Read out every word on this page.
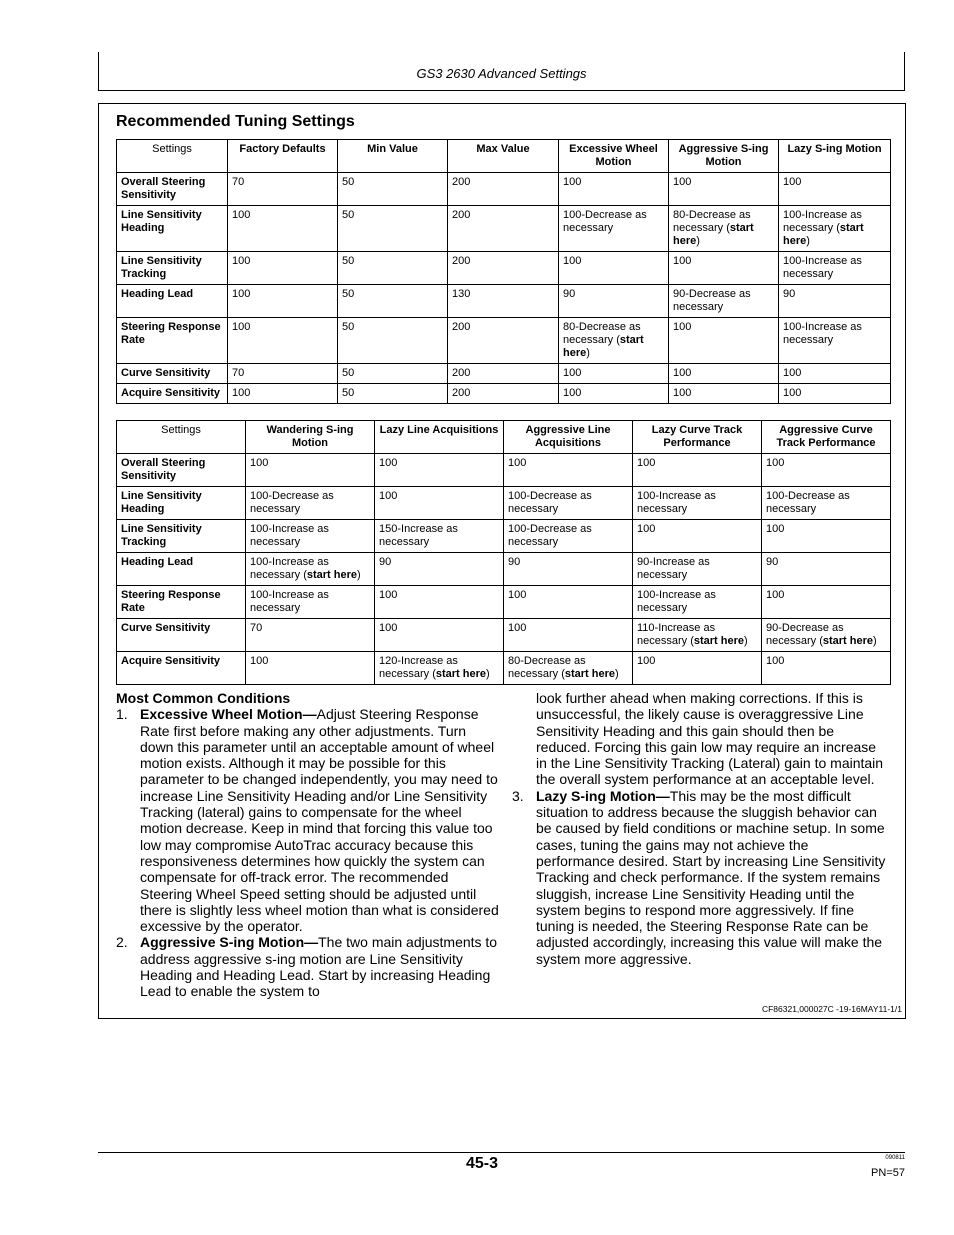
GS3 2630 Advanced Settings
Recommended Tuning Settings
Settings	Factory Defaults	Min Value	Max Value	Excessive Wheel Motion	Aggressive S-ing Motion	Lazy S-ing Motion
Overall Steering Sensitivity	70	50	200	100	100	100
Line Sensitivity Heading	100	50	200	100-Decrease as necessary	80-Decrease as necessary (start here)	100-Increase as necessary (start here)
Line Sensitivity Tracking	100	50	200	100	100	100-Increase as necessary
Heading Lead	100	50	130	90	90-Decrease as necessary	90
Steering Response Rate	100	50	200	80-Decrease as necessary (start here)	100	100-Increase as necessary
Curve Sensitivity	70	50	200	100	100	100
Acquire Sensitivity	100	50	200	100	100	100
Settings	Wandering S-ing Motion	Lazy Line Acquisitions	Aggressive Line Acquisitions	Lazy Curve Track Performance	Aggressive Curve Track Performance
Overall Steering Sensitivity	100	100	100	100	100
Line Sensitivity Heading	100-Decrease as necessary	100	100-Decrease as necessary	100-Increase as necessary	100-Decrease as necessary
Line Sensitivity Tracking	100-Increase as necessary	150-Increase as necessary	100-Decrease as necessary	100	100
Heading Lead	100-Increase as necessary (start here)	90	90	90-Increase as necessary	90
Steering Response Rate	100-Increase as necessary	100	100	100-Increase as necessary	100
Curve Sensitivity	70	100	100	110-Increase as necessary (start here)	90-Decrease as necessary (start here)
Acquire Sensitivity	100	120-Increase as necessary (start here)	80-Decrease as necessary (start here)	100	100
Most Common Conditions
1. Excessive Wheel Motion—Adjust Steering Response Rate first before making any other adjustments. Turn down this parameter until an acceptable amount of wheel motion exists. Although it may be possible for this parameter to be changed independently, you may need to increase Line Sensitivity Heading and/or Line Sensitivity Tracking (lateral) gains to compensate for the wheel motion decrease. Keep in mind that forcing this value too low may compromise AutoTrac accuracy because this responsiveness determines how quickly the system can compensate for off-track error. The recommended Steering Wheel Speed setting should be adjusted until there is slightly less wheel motion than what is considered excessive by the operator.
2. Aggressive S-ing Motion—The two main adjustments to address aggressive s-ing motion are Line Sensitivity Heading and Heading Lead. Start by increasing Heading Lead to enable the system to
look further ahead when making corrections. If this is unsuccessful, the likely cause is overaggressive Line Sensitivity Heading and this gain should then be reduced. Forcing this gain low may require an increase in the Line Sensitivity Tracking (Lateral) gain to maintain the overall system performance at an acceptable level.
3. Lazy S-ing Motion—This may be the most difficult situation to address because the sluggish behavior can be caused by field conditions or machine setup. In some cases, tuning the gains may not achieve the performance desired. Start by increasing Line Sensitivity Tracking and check performance. If the system remains sluggish, increase Line Sensitivity Heading until the system begins to respond more aggressively. If fine tuning is needed, the Steering Response Rate can be adjusted accordingly, increasing this value will make the system more aggressive.
CF86321,000027C -19-16MAY11-1/1
45-3	090811
PN=57
